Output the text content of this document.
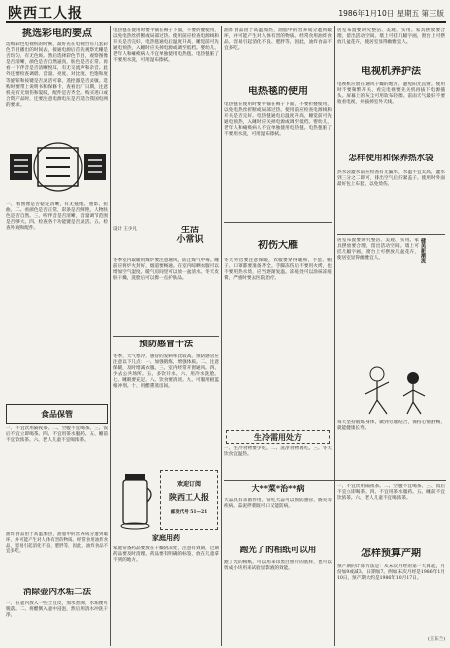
陕西工人报	1986年1月10日 星期五 第三版
挑选彩电的要点
选购彩色电视机的时候，最好先在电视台有几套彩色节目播出的时间去，接通电源后首先观察光栅是否均匀，有无色斑。然后选择彩色节目，观察图像是否清晰，颜色是否自然逼真，肤色是否正常。再看一下伴音是否清晰悦耳，有无交流声和杂音。此外还要检查调谐、音量、亮度、对比度、色饱和度等旋钮和按键是否灵活可靠，遥控器是否灵敏。选购时要带上说明书和保修卡，查看出厂日期，注意机壳有无划伤和裂纹，配件是否齐全。购买进口或合资产品时，还要注意电源电压是否适合我国电网的要求。
一、看图像是否稳定清晰，有无拖尾、重影、扭曲。二、看颜色是否正常，彩条是否鲜艳，人物肤色是否自然。三、听伴音是否清晰，音量调节范围是否够大。四、检查各个功能键是否灵活。五、检查外观和配件。
食品保管
一、不宜饮用隔夜茶。二、空腹不宜喝茶。三、饭后不宜立即喝茶。四、不宜用茶水服药。五、睡前不宜饮浓茶。六、老人儿童不宜喝浓茶。
油炸食品由于高温加热，油脂中的营养成分遭到破坏，并可能产生对人体有害的物质。经常食用油炸食品，容易引起消化不良、肥胖等，因此，油炸食品不宜多吃。
消除壶内水垢二法
一、在壶内放入一些土豆皮，加水煮沸，水垢便可脱落。二、将醋倒入壶中浸泡，然后用清水冲洗干净。
电热毯在使用时要平铺在褥子下面，不要折叠使用，以免电热丝折断或局部过热。使用前应检查电源线和开关是否完好。电热毯通电后温度升高，睡觉前可先通电预热，入睡时应关掉电源或调至低档。婴幼儿、老年人和瘫痪病人不宜单独使用电热毯。电热毯脏了不要用水洗，可用湿布擦拭。
设计 王少凡	生活
小常识
冬季室内取暖用煤炉要注意通风，防止煤气中毒。睡前应将炉火封好，烟道要畅通。在室内晾晒衣服可以增加空气湿度。暖气房间里可以放一盆清水。冬天皮肤干燥，洗脸后可以擦一点护肤品。
预防感冒十法
冬季，天气寒冷，感冒的发病率比较高。预防感冒应注意以下几点：一、加强锻炼，增强体质。二、注意保暖，及时增减衣服。三、室内经常开窗通风。四、少去公共场所。五、多饮开水。六、用冷水洗脸。七、睡眠要充足。八、饮食要清淡。九、可服用板蓝根冲剂。十、用醋熏蒸房间。
欢迎订阅
陕西工人报
邮发代号 51—21
家庭用药
家庭常备药品要放在干燥阴凉处，注意有效期，过期药品要及时清理。药品要有明确的标签，放在儿童拿不到的地方。
油炸食品由于高温加热，油脂中的营养成分遭到破坏，并可能产生对人体有害的物质。经常食用油炸食品，容易引起消化不良、肥胖等，因此，油炸食品不宜多吃。
电热毯的使用
电热毯在使用时要平铺在褥子下面，不要折叠使用，以免电热丝折断或局部过热。使用前应检查电源线和开关是否完好。电热毯通电后温度升高，睡觉前可先通电预热，入睡时应关掉电源或调至低档。婴幼儿、老年人和瘫痪病人不宜单独使用电热毯。电热毯脏了不要用水洗，可用湿布擦拭。
初伤大雁
冬天外出要注意保暖，衣服要穿得暖和，手套、帽子、口罩都要准备齐全。手脚冻伤后不要用火烤，也不要用热水烫，应当逐渐复温。冻疮处可以涂抹冻疮膏，严重时要去医院治疗。
生冷需用处方
一、生冷食物要少吃。二、洗净食物再吃。三、冬天饮食宜温热。
大**菜*治**病
大蒜具有杀菌作用，常吃大蒜可以预防感冒、肠炎等疾病。蒜泥拌菜既可口又能防病。
跑光了的相纸可以用
跑了光的相纸，可以用来印黑白照片的底样，也可以剪成小块用来试验显影液的效能。
居室布置要讲究整洁、美观、实用。家具摆放要合理，留出活动空间。墙上可挂几幅字画，窗台上可摆放几盆花卉，使居室显得幽雅宜人。
电视机养护法
电视机应放在通风干燥的地方，避免阳光直射。使用时不要频繁开关，看完电视要先关机再拔下电源插头。屏幕上的灰尘可用软布轻擦。雷雨天气最好不要收看电视，并拔掉室外天线。
怎样使用和保养热水袋
热水袋灌水前应检查有无漏水，水温不宜太高，灌水到三分之二即可，排出空气后拧紧盖子。使用时外面最好包上布套，以免烫伤。
居室布置要讲究整洁、美观、实用。家具摆放要合理，留出活动空间。墙上可挂几幅字画，窗台上可摆放几盆花卉，使居室显得幽雅宜人。	健美新潮流
每天坚持锻炼身体，做到劳逸结合，保持心情舒畅，就能健康长寿。
一、不宜饮用隔夜茶。二、空腹不宜喝茶。三、饭后不宜立即喝茶。四、不宜用茶水服药。五、睡前不宜饮浓茶。六、老人儿童不宜喝浓茶。
怎样预算产期
预产期的计算方法是：从末次月经的第一天算起，月份加9或减3，日期加7。例如末次月经是1986年1月10日，预产期大约是1986年10月17日。
(王东兰)
